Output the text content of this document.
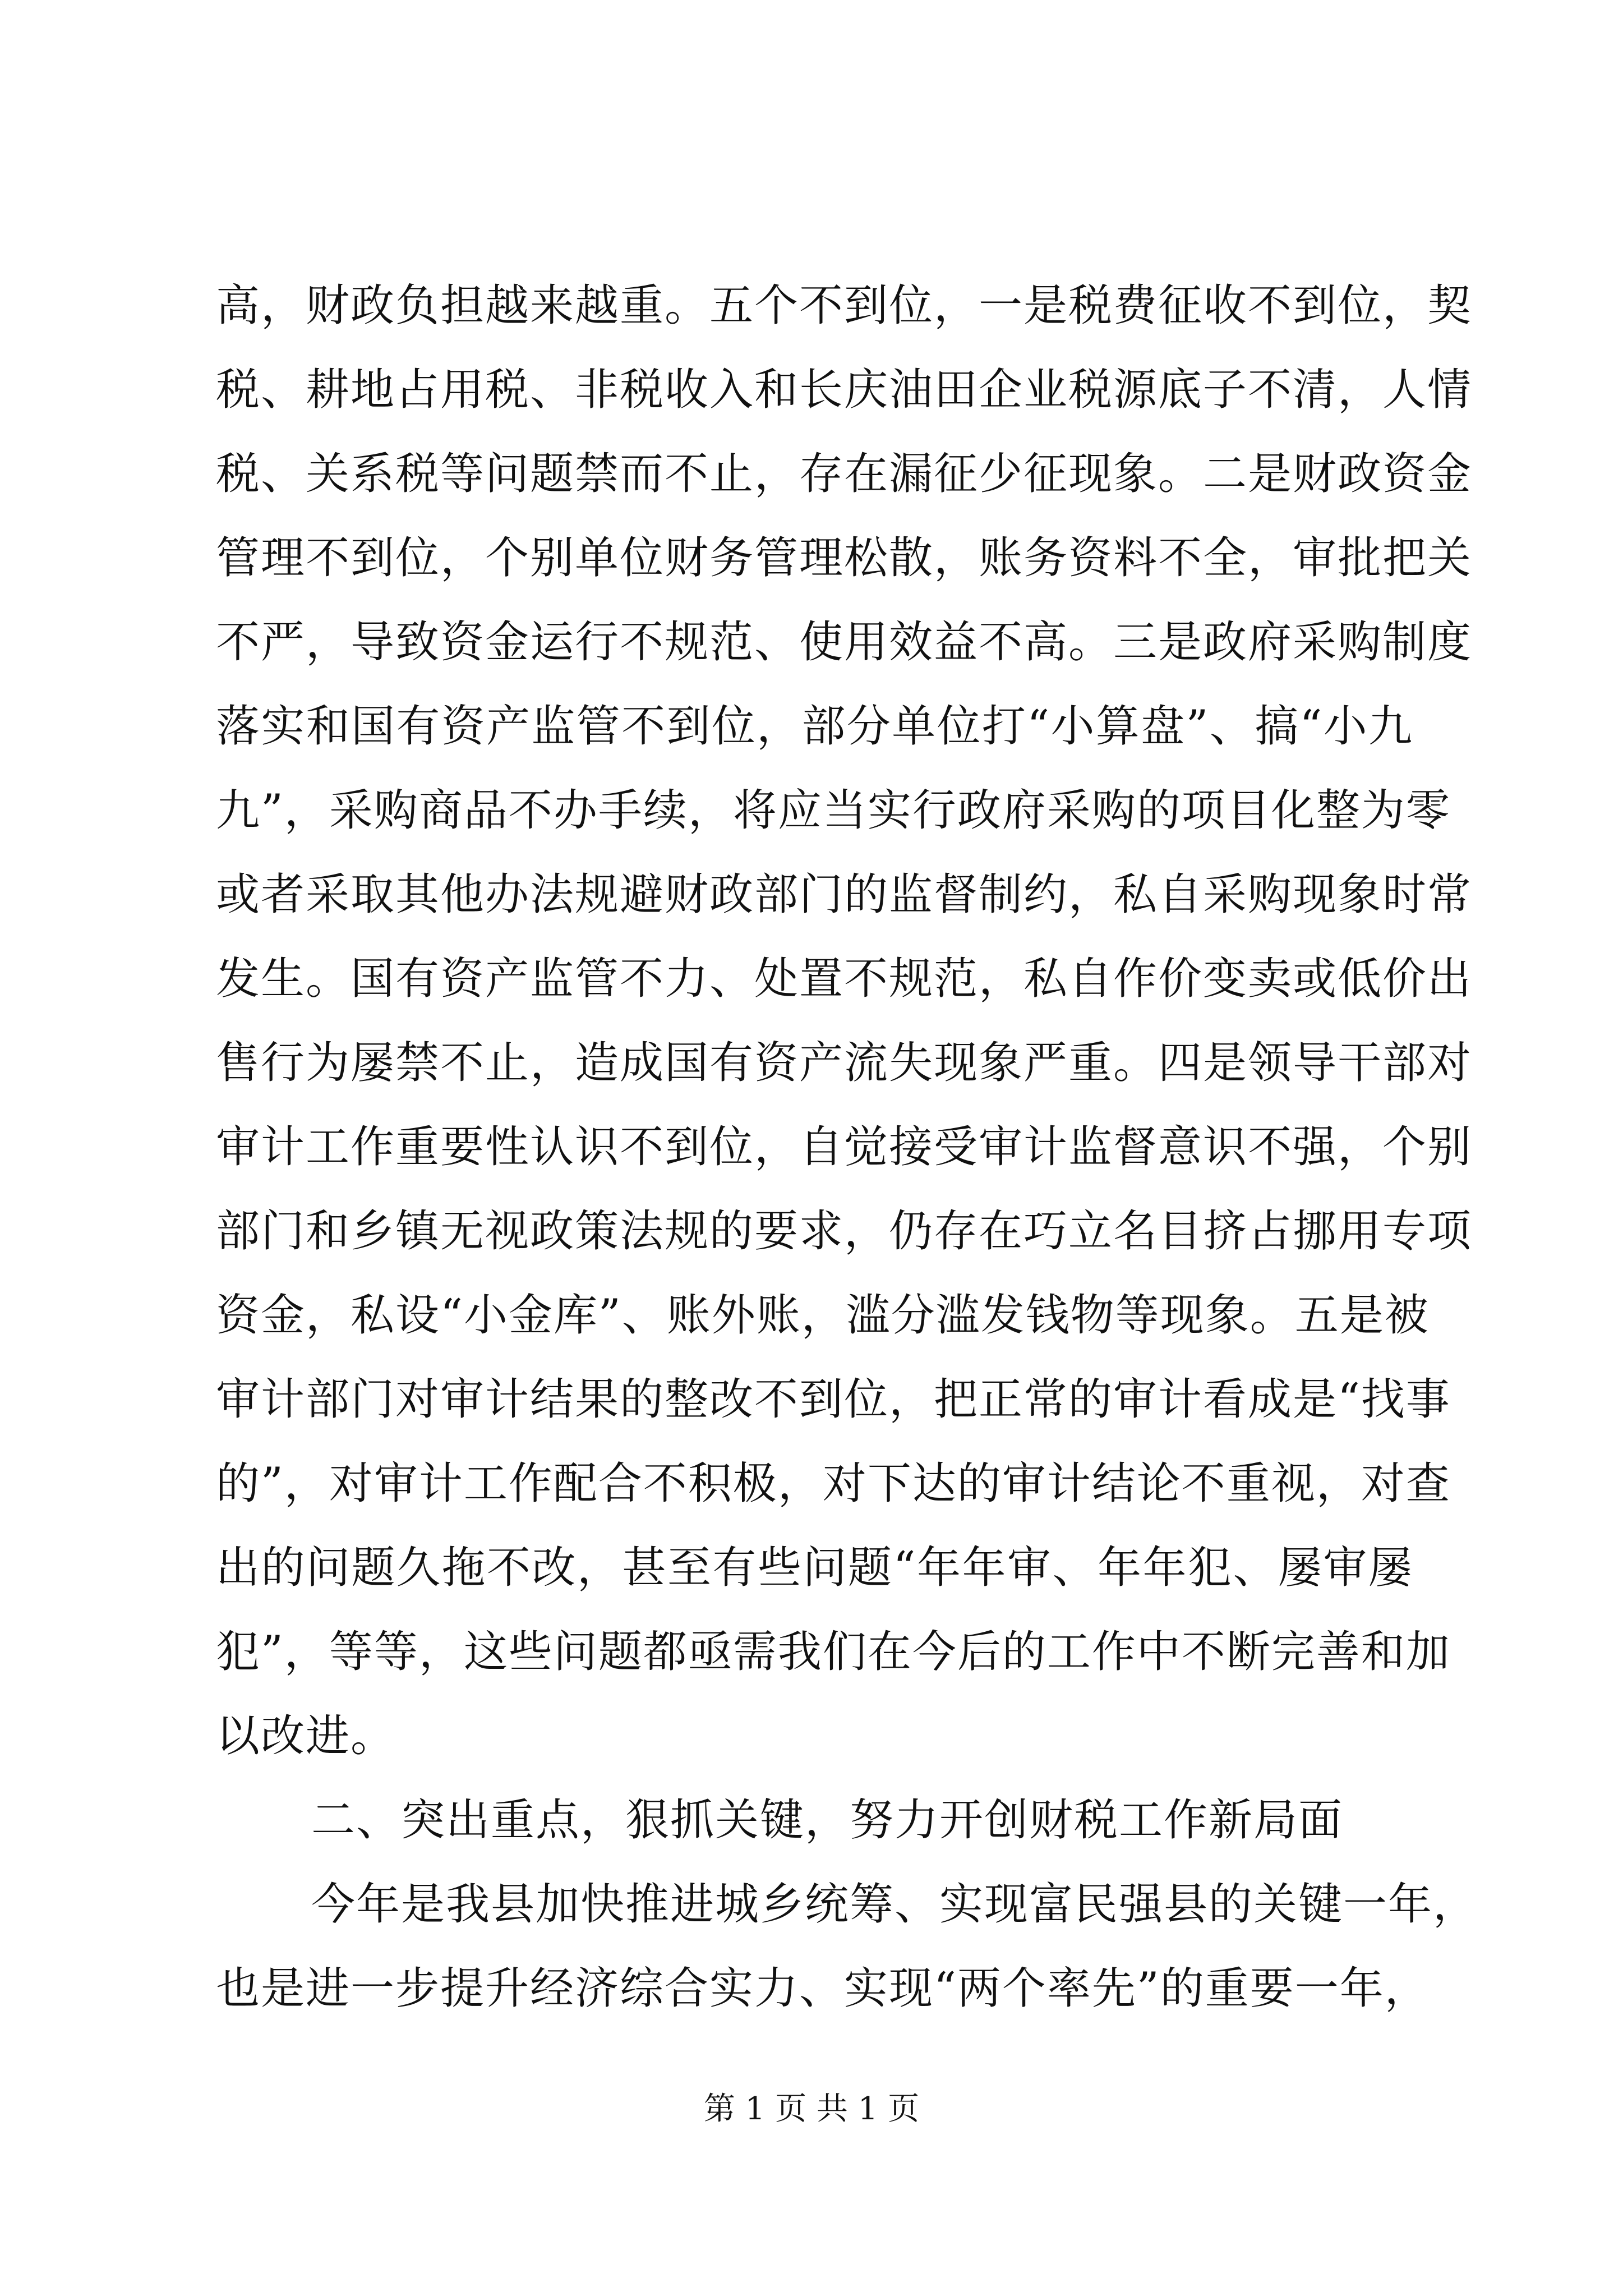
高，财政负担越来越重。五个不到位，一是税费征收不到位，契
税、耕地占用税、非税收入和长庆油田企业税源底子不清，人情
税、关系税等问题禁而不止，存在漏征少征现象。二是财政资金
管理不到位，个别单位财务管理松散，账务资料不全，审批把关
不严，导致资金运行不规范、使用效益不高。三是政府采购制度
落实和国有资产监管不到位，部分单位打“小算盘”、搞“小九
九”，采购商品不办手续，将应当实行政府采购的项目化整为零
或者采取其他办法规避财政部门的监督制约，私自采购现象时常
发生。国有资产监管不力、处置不规范，私自作价变卖或低价出
售行为屡禁不止，造成国有资产流失现象严重。四是领导干部对
审计工作重要性认识不到位，自觉接受审计监督意识不强，个别
部门和乡镇无视政策法规的要求，仍存在巧立名目挤占挪用专项
资金，私设“小金库”、账外账，滥分滥发钱物等现象。五是被
审计部门对审计结果的整改不到位，把正常的审计看成是“找事
的”，对审计工作配合不积极，对下达的审计结论不重视，对查
出的问题久拖不改，甚至有些问题“年年审、年年犯、屡审屡
犯”，等等，这些问题都亟需我们在今后的工作中不断完善和加
以改进。
二、突出重点，狠抓关键，努力开创财税工作新局面
今年是我县加快推进城乡统筹、实现富民强县的关键一年，
也是进一步提升经济综合实力、实现“两个率先”的重要一年，
第 1 页 共 1 页
